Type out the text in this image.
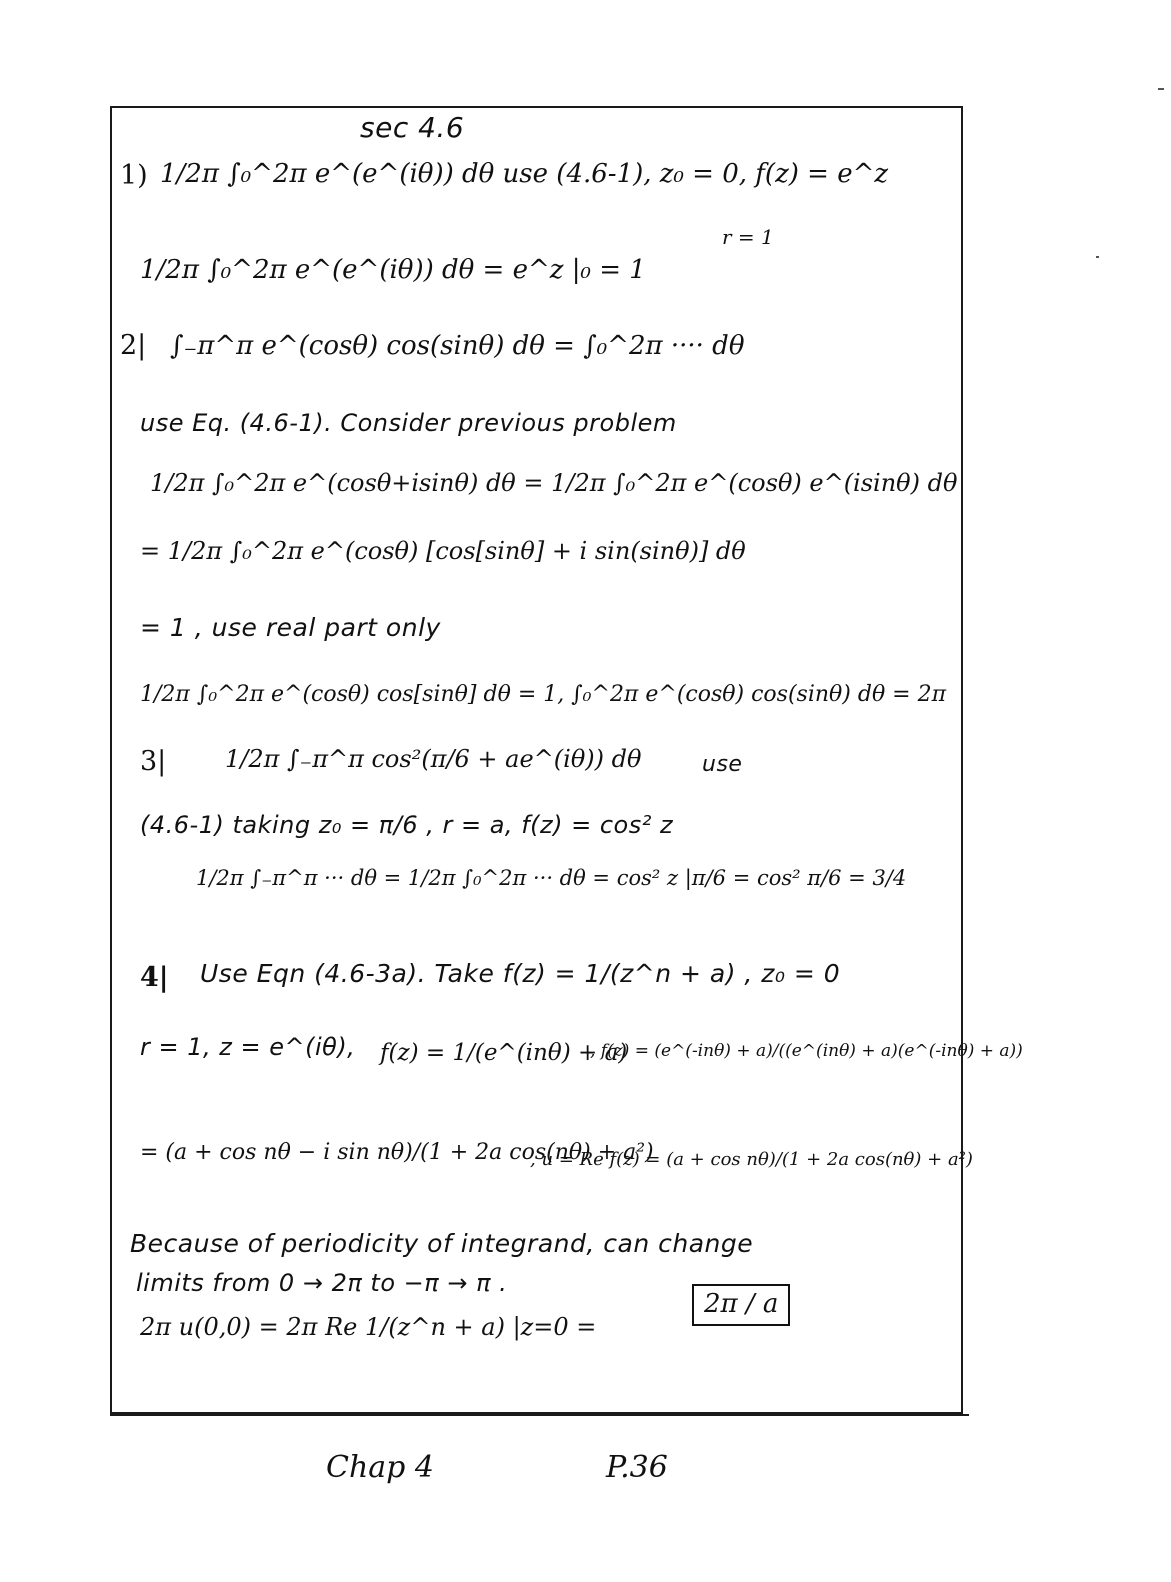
sec 4.6
1) 1/2π ∫₀^2π e^(e^(iθ)) dθ use (4.6-1), z₀ = 0, f(z) = e^z
r = 1
1/2π ∫₀^2π e^(e^(iθ)) dθ = e^z |₀ = 1
2| ∫₋π^π e^(cosθ) cos(sinθ) dθ = ∫₀^2π ···· dθ
use Eq. (4.6-1). Consider previous problem
1/2π ∫₀^2π e^(cosθ+isinθ) dθ = 1/2π ∫₀^2π e^(cosθ) e^(isinθ) dθ
= 1/2π ∫₀^2π e^(cosθ) [cos[sinθ] + i sin(sinθ)] dθ
= 1 , use real part only
1/2π ∫₀^2π e^(cosθ) cos[sinθ] dθ = 1, ∫₀^2π e^(cosθ) cos(sinθ) dθ = 2π
3| 1/2π ∫₋π^π cos²(π/6 + ae^(iθ)) dθ	use
(4.6-1) taking z₀ = π/6 , r = a, f(z) = cos² z
1/2π ∫₋π^π ··· dθ = 1/2π ∫₀^2π ··· dθ = cos² z |π/6 = cos² π/6 = 3/4
4| Use Eqn (4.6-3a). Take f(z) = 1/(z^n + a) , z₀ = 0
r = 1, z = e^(iθ), f(z) = 1/(e^(inθ) + a)
, f(z) = (e^(-inθ) + a)/((e^(inθ) + a)(e^(-inθ) + a))
= (a + cos nθ − i sin nθ)/(1 + 2a cos(nθ) + a²)
, u = Re f(z) = (a + cos nθ)/(1 + 2a cos(nθ) + a²)
Because of periodicity of integrand, can change
limits from 0 → 2π to −π → π .
2π u(0,0) = 2π Re 1/(z^n + a) |z=0 =
2π / a
Chap 4	P.36
